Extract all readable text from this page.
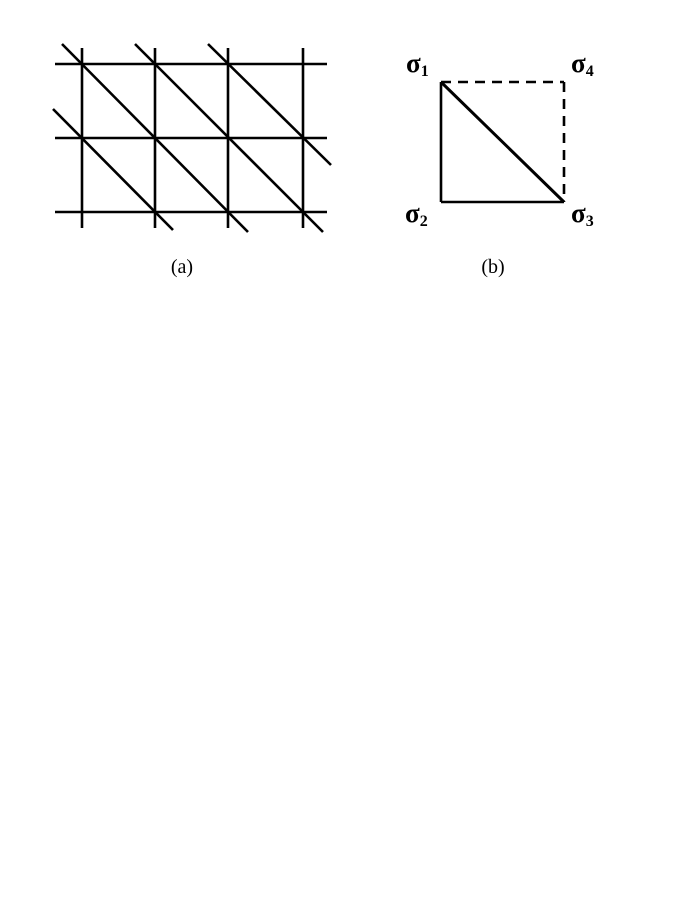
$\sigma_1$	$\sigma_4$
$\sigma_2$	$\sigma_3$
(a)	(b)
